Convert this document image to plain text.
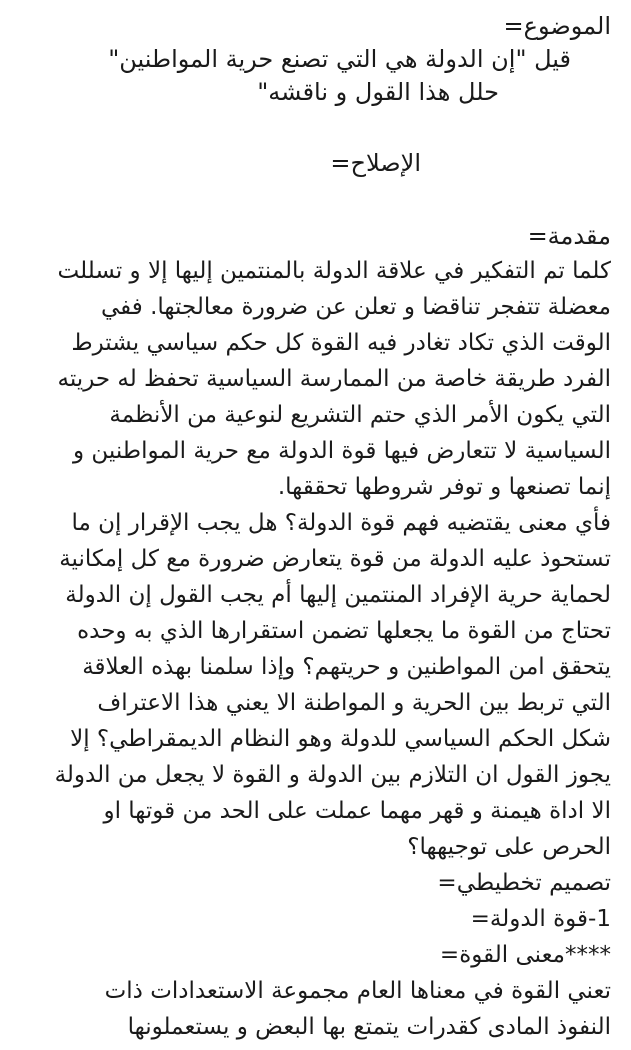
الموضوع=

قيل "إن الدولة هي التي تصنع حرية المواطنين"

حلل هذا القول و ناقشه"

الإصلاح=

مقدمة=

كلما تم التفكير في علاقة الدولة بالمنتمين إليها إلا و تسللت

معضلة تتفجر تناقضا و تعلن عن ضرورة معالجتها. ففي

الوقت الذي تكاد تغادر فيه القوة كل حكم سياسي يشترط

الفرد طريقة خاصة من الممارسة السياسية تحفظ له حريته

التي يكون الأمر الذي حتم التشريع لنوعية من الأنظمة

السياسية لا تتعارض فيها قوة الدولة مع حرية المواطنين و

إنما تصنعها و توفر شروطها تحققها.

فأي معنى يقتضيه فهم قوة الدولة؟ هل يجب الإقرار إن ما

تستحوذ عليه الدولة من قوة يتعارض ضرورة مع كل إمكانية

لحماية حرية الإفراد المنتمين إليها أم يجب القول إن الدولة

تحتاج من القوة ما يجعلها تضمن استقرارها الذي به وحده

يتحقق امن المواطنين و حريتهم؟ وإذا سلمنا بهذه العلاقة

التي تربط بين الحرية و المواطنة الا يعني هذا الاعتراف

شكل الحكم السياسي للدولة وهو النظام الديمقراطي؟ إلا

يجوز القول ان التلازم بين الدولة و القوة لا يجعل من الدولة

الا اداة هيمنة و قهر مهما عملت على الحد من قوتها او

الحرص على توجيهها؟

تصميم تخطيطي=

1-قوة الدولة=

****معنى القوة=

تعني القوة في معناها العام مجموعة الاستعدادات ذات

النفوذ المادى كقدرات يتمتع بها البعض و يستعملونها
